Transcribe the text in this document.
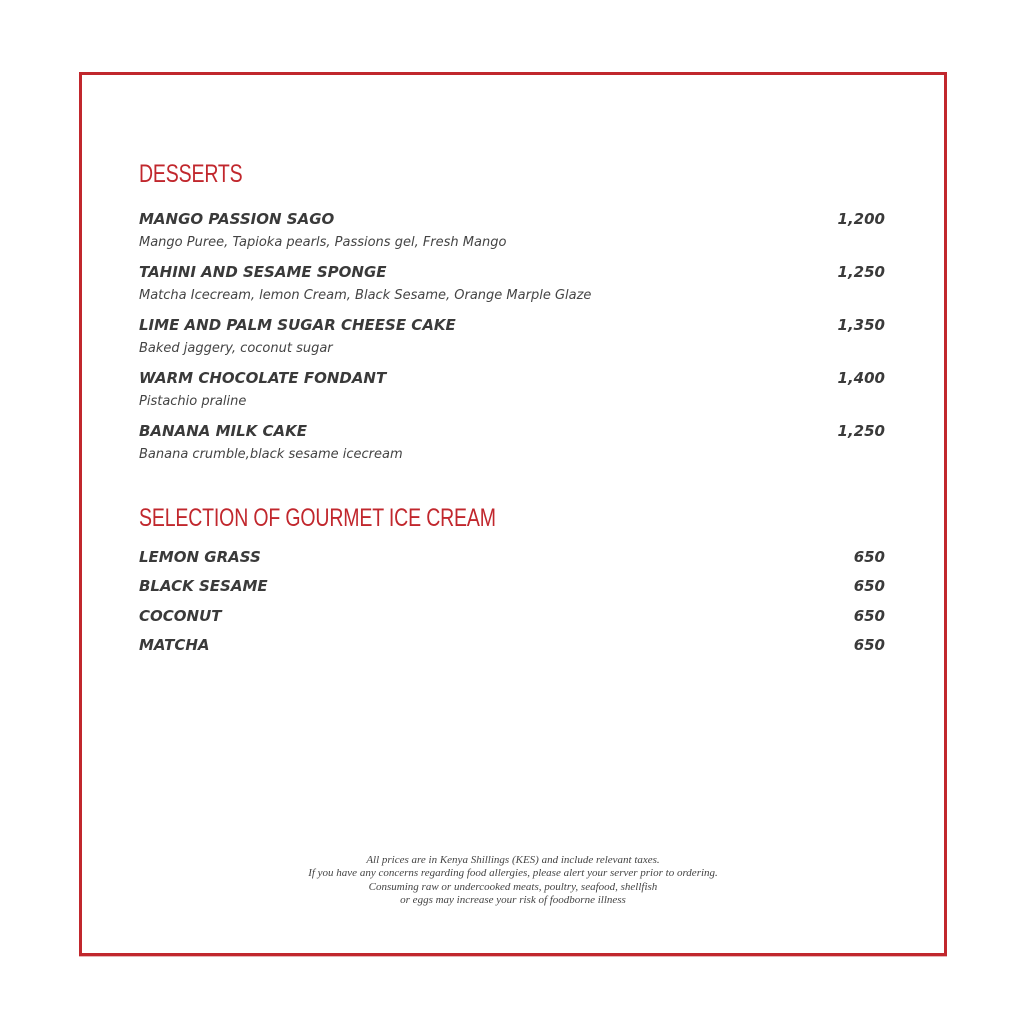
DESSERTS
MANGO PASSION SAGO	1,200
Mango Puree, Tapioka pearls, Passions gel, Fresh Mango
TAHINI AND SESAME SPONGE	1,250
Matcha Icecream, lemon Cream, Black Sesame, Orange Marple Glaze
LIME AND PALM SUGAR CHEESE CAKE	1,350
Baked jaggery, coconut sugar
WARM CHOCOLATE FONDANT	1,400
Pistachio praline
BANANA MILK CAKE	1,250
Banana crumble,black sesame icecream
SELECTION OF GOURMET ICE CREAM
LEMON GRASS	650
BLACK SESAME	650
COCONUT	650
MATCHA	650
All prices are in Kenya Shillings (KES) and include relevant taxes.
If you have any concerns regarding food allergies, please alert your server prior to ordering.
Consuming raw or undercooked meats, poultry, seafood, shellfish
or eggs may increase your risk of foodborne illness
